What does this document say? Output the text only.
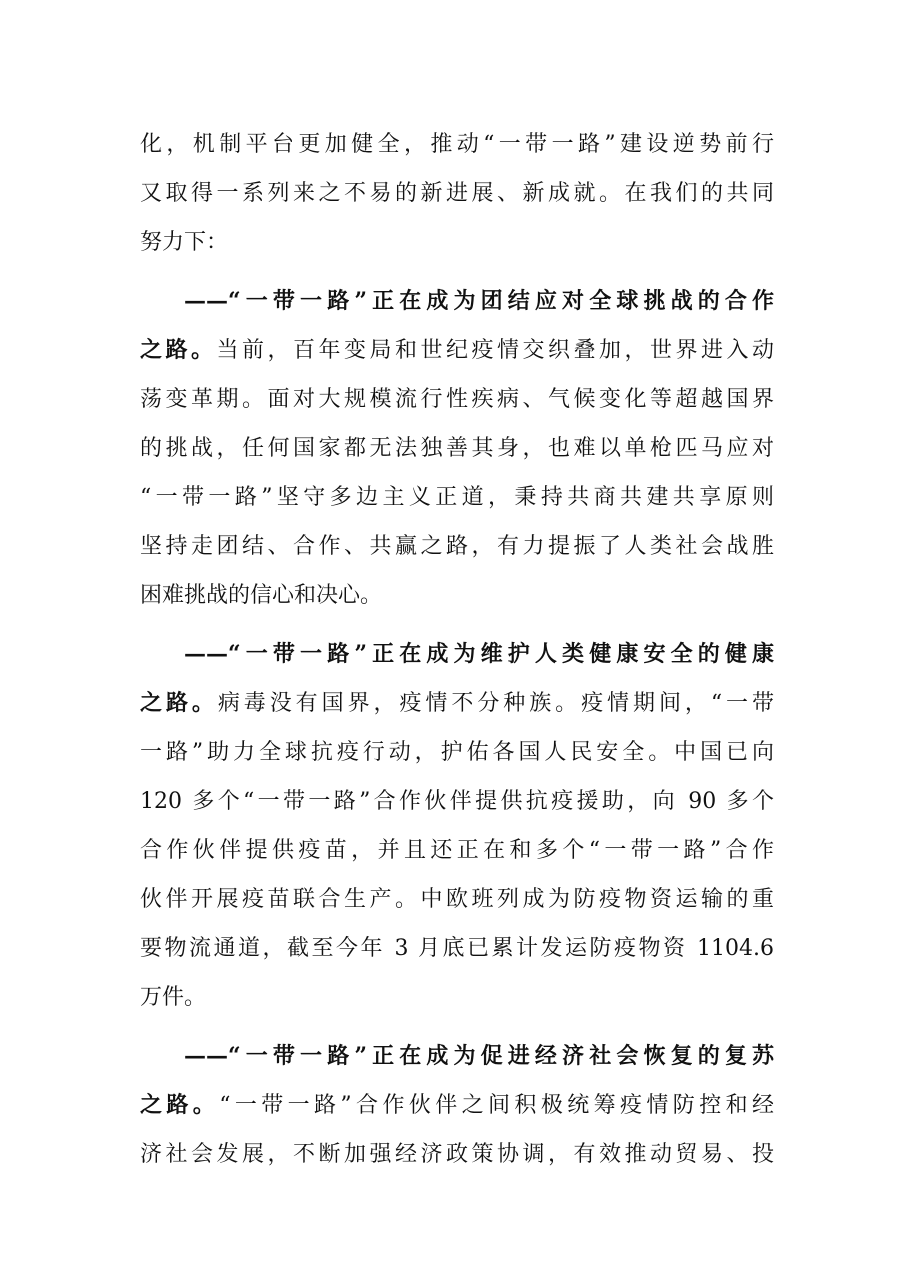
化，机制平台更加健全，推动“一带一路”建设逆势前行
又取得一系列来之不易的新进展、新成就。在我们的共同
努力下：
——“一带一路”正在成为团结应对全球挑战的合作
之路。当前，百年变局和世纪疫情交织叠加，世界进入动
荡变革期。面对大规模流行性疾病、气候变化等超越国界
的挑战，任何国家都无法独善其身，也难以单枪匹马应对
“一带一路”坚守多边主义正道，秉持共商共建共享原则
坚持走团结、合作、共赢之路，有力提振了人类社会战胜
困难挑战的信心和决心。
——“一带一路”正在成为维护人类健康安全的健康
之路。病毒没有国界，疫情不分种族。疫情期间，“一带
一路”助力全球抗疫行动，护佑各国人民安全。中国已向
120 多个“一带一路”合作伙伴提供抗疫援助，向 90 多个
合作伙伴提供疫苗，并且还正在和多个“一带一路”合作
伙伴开展疫苗联合生产。中欧班列成为防疫物资运输的重
要物流通道，截至今年 3 月底已累计发运防疫物资 1104.6
万件。
——“一带一路”正在成为促进经济社会恢复的复苏
之路。“一带一路”合作伙伴之间积极统筹疫情防控和经
济社会发展，不断加强经济政策协调，有效推动贸易、投
